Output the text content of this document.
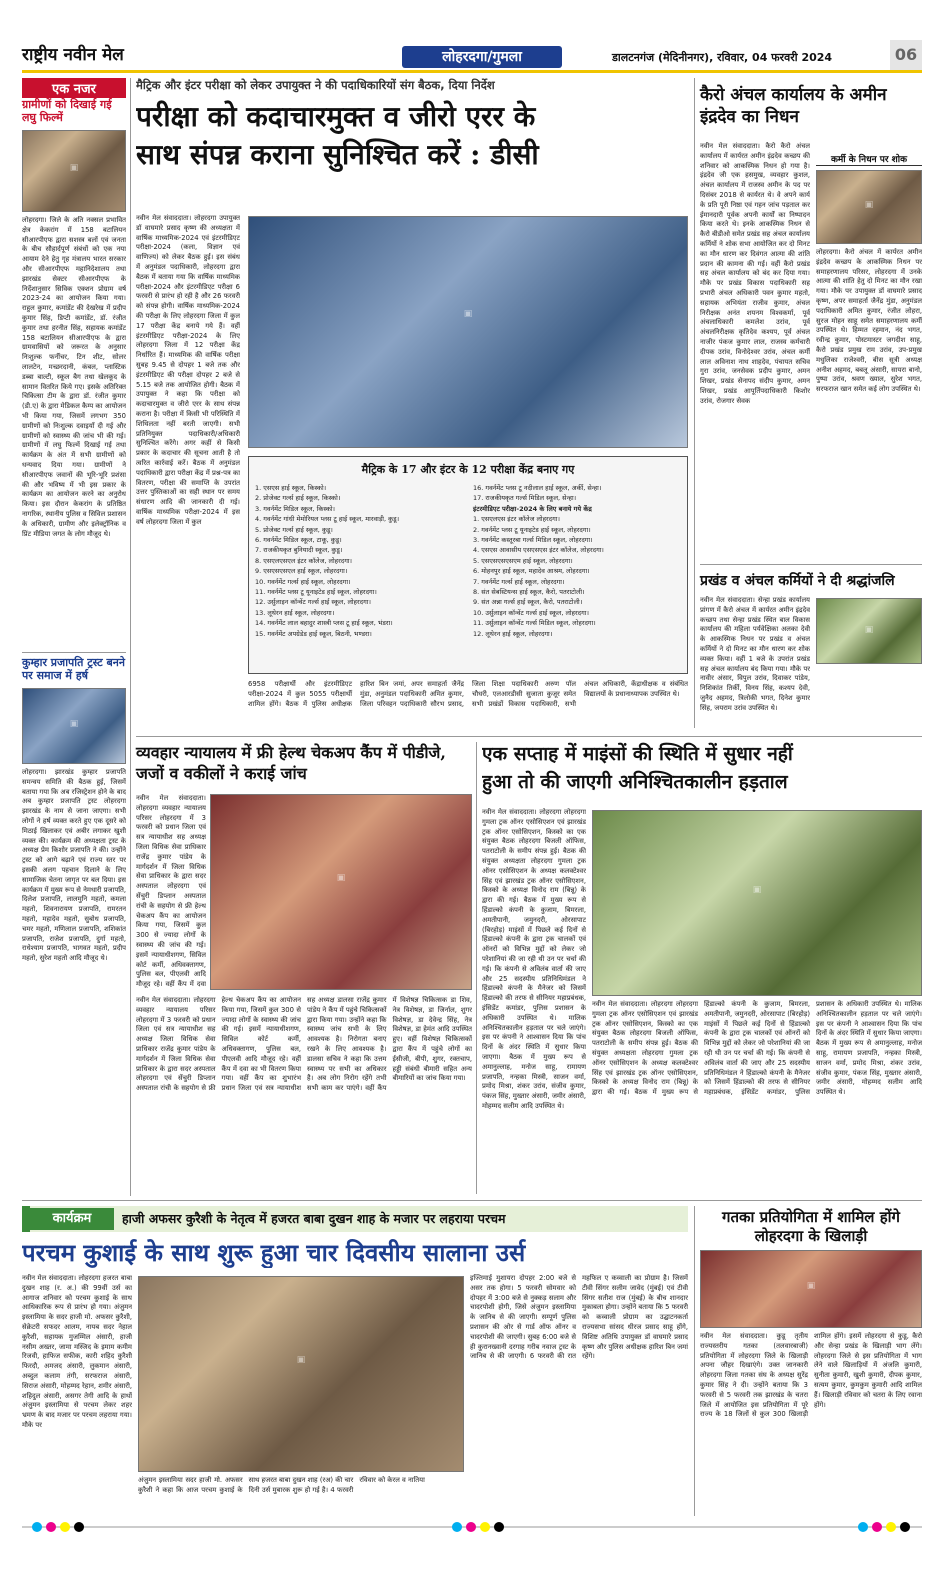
राष्ट्रीय नवीन मेल	लोहरदगा/गुमला	डालटनगंज (मेदिनीनगर), रविवार, 04 फरवरी 2024	06
एक नजर
ग्रामीणों को दिखाई गई लघु फिल्में
▣
लोहरदगा। जिले के अति नक्सल प्रभावित क्षेत्र केकरांग में 158 बटालियन सीआरपीएफ द्वारा सशस्त्र बलों एवं जनता के बीच सौहार्दपूर्ण संबंधों को एक नया आयाम देने हेतु गृह मंत्रालय भारत सरकार और सीआरपीएफ महानिदेशालय तथा झारखंड सेक्टर सीआरपीएफ के निर्देशानुसार सिविक एक्शन प्रोग्राम वर्ष 2023-24 का आयोजन किया गया। राहुल कुमार, कमांडेंट की देखरेख में प्रदीप कुमार सिंह, डिप्टी कमांडेंट, डॉ. रंजीत कुमार तथा हरनीत सिंह, सहायक कमांडेंट 158 बटालियन सीआरपीएफ के द्वारा ग्रामवासियों को जरूरत के अनुसार निःशुल्क फर्नीचर, टिन शीट, सोलर लालटेन, मच्छरदानी, कंबल, प्लास्टिक डब्बा बाल्टी, स्कूल बैग तथा खेलकूद के सामान वितरित किये गए। इसके अतिरिक्त चिकित्सा टीम के द्वारा डॉ. रंजीत कुमार (डी.ए) के द्वारा मेडिकल कैम्प का आयोजन भी किया गया, जिसमें लगभग 350 ग्रामीणों को निःशुल्क दवाइयाँ दी गई और ग्रामीणों को स्वास्थ्य की जांच भी की गई। ग्रामीणों में लघु फिल्में दिखाई गई तथा कार्यक्रम के अंत में सभी ग्रामीणों को धन्यवाद दिया गया। ग्रामीणों ने सीआरपीएफ जवानों की भूरि-भूरि प्रशंसा की और भविष्य में भी इस प्रकार के कार्यक्रम का आयोजन करने का अनुरोध किया। इस दौरान केकरांग के प्रतिष्ठित नागरिक, स्थानीय पुलिस व सिविल प्रशासन के अधिकारी, ग्रामीण और इलेक्ट्रॉनिक व प्रिंट मीडिया जगत के लोग मौजूद थे।
कुम्हार प्रजापति ट्रस्ट बनने पर समाज में हर्ष
▣
लोहरदगा। झारखंड कुम्हार प्रजापति समन्वय समिति की बैठक हुई, जिसमें बताया गया कि अब रजिस्ट्रेशन होने के बाद अब कुम्हार प्रजापति ट्रस्ट लोहरदगा झारखंड के नाम से जाना जाएगा। सभी लोगों ने हर्ष व्यक्त करते हुए एक दूसरे को मिठाई खिलाकर एवं अबीर लगाकर खुशी व्यक्त की। कार्यक्रम की अध्यक्षता ट्रस्ट के अध्यक्ष प्रेम किशोर प्रजापति ने की। उन्होंने ट्रस्ट को आगे बढ़ाने एवं राज्य स्तर पर इसकी अलग पहचान दिलाने के लिए सामाजिक चेतना जागृत पर बल दिया। इस कार्यक्रम में मुख्य रूप से नेमधारी प्रजापति, दिलेश प्रजापति, लालमुनि महतो, कमला महतो, शिवनारायण प्रजापति, रामरतन महतो, महादेव महतो, सुबोध प्रजापति, चमर महतो, मणिलाल प्रजापति, शशिकांत प्रजापति, राजेश प्रजापति, दुर्गा महतो, राधेश्याम प्रजापति, भागवत महतो, प्रदीप महतो, सुरेश महतो आदि मौजूद थे।
मैट्रिक और इंटर परीक्षा को लेकर उपायुक्त ने की पदाधिकारियों संग बैठक, दिया निर्देश
परीक्षा को कदाचारमुक्त व जीरो एरर के
साथ संपन्न कराना सुनिश्चित करें : डीसी
नवीन मेल संवाददाता। लोहरदगा उपायुक्त डॉ वाघमारे प्रसाद कृष्ण की अध्यक्षता में वार्षिक माध्यमिक-2024 एवं इंटरमीडिएट परीक्षा-2024 (कला, विज्ञान एवं वाणिज्य) को लेकर बैठक हुई। इस संबंध में अनुमंडल पदाधिकारी, लोहरदगा द्वारा बैठक में बताया गया कि वार्षिक माध्यमिक परीक्षा-2024 और इंटरमीडिएट परीक्षा 6 फरवरी से प्रारंभ हो रही है और 26 फरवरी को संपन्न होगी। वार्षिक माध्यमिक-2024 की परीक्षा के लिए लोहरदगा जिला में कुल 17 परीक्षा केंद्र बनाये गये हैं। वहीं इंटरमीडिएट परीक्षा-2024 के लिए लोहरदगा जिला में 12 परीक्षा केंद्र निर्धारित हैं। माध्यमिक की वार्षिक परीक्षा सुबह 9.45 से दोपहर 1 बजे तक और इंटरमीडिएट की परीक्षा दोपहर 2 बजे से 5.15 बजे तक आयोजित होगी। बैठक में उपायुक्त ने कहा कि परीक्षा को कदाचारमुक्त व जीरो एरर के साथ संपन्न कराना है। परीक्षा में किसी भी परिस्थिति में शिथिलता नहीं बरती जाएगी। सभी प्रतिनियुक्त पदाधिकारी/अधिकारी सुनिश्चित करेंगे। अगर कहीं से किसी प्रकार के कदाचार की सूचना आती है तो त्वरित कार्रवाई करें। बैठक में अनुमंडल पदाधिकारी द्वारा परीक्षा केंद्र में प्रश्न-पत्र का वितरण, परीक्षा की समाप्ति के उपरांत उत्तर पुस्तिकाओं का सही स्थान पर समय संधारण आदि की जानकारी दी गई। वार्षिक माध्यमिक परीक्षा-2024 में इस वर्ष लोहरदगा जिला में कुल
▣
मैट्रिक के 17 और इंटर के 12 परीक्षा केंद्र बनाए गए
1. एसएस हाई स्कूल, किस्को।
2. प्रोजेक्ट गर्ल्स हाई स्कूल, किस्को।
3. गवर्नमेंट मिडिल स्कूल, किस्को।
4. गवर्नमेंट गांधी मेमोरियल प्लस टू हाई स्कूल, मारवाड़ी, कुडू।
5. प्रोजेक्ट गर्ल्स हाई स्कूल, कुडू।
6. गवर्नमेंट मिडिल स्कूल, टाकू, कुडू।
7. राजकीयकृत बुनियादी स्कूल, कुडू।
8. एसएलएसएल इंटर कॉलेज, लोहरदगा।
9. एसएसएसएल हाई स्कूल, लोहरदगा।
10. गवर्नमेंट गर्ल्स हाई स्कूल, लोहरदगा।
11. गवर्नमेंट प्लस टू यूनाइटेड हाई स्कूल, लोहरदगा।
12. उर्सुलाइन कॉन्वेंट गर्ल्स हाई स्कूल, लोहरदगा।
13. लूथेरन हाई स्कूल, लोहरदगा।
14. गवर्नमेंट लाल बहादुर शास्त्री प्लस टू हाई स्कूल, भंडरा।
15. गवर्नमेंट अपग्रेडेड हाई स्कूल, बिठनी, भण्डरा।
16. गवर्नमेंट प्लस टू नदीलाल हाई स्कूल, अर्की, सेन्हा।
17. राजकीयकृत गर्ल्स मिडिल स्कूल, सेन्हा।
इंटरमीडिएट परीक्षा-2024 के लिए बनाये गये केंद्र
1. एसएलएस इंटर कॉलेज लोहरदगा।
2. गवर्नमेंट प्लस टू यूनाइटेड हाई स्कूल, लोहरदगा।
3. गवर्नमेंट कस्तूरबा गर्ल्स मिडिल स्कूल, लोहरदगा।
4. एसएस आवासीय एसएसएस इंटर कॉलेज, लोहरदगा।
5. एसएसएसएसएम हाई स्कूल, लोहरदगा।
6. मोहनपुर हाई स्कूल, महादेव आश्रम, लोहरदगा।
7. गवर्नमेंट गर्ल्स हाई स्कूल, लोहरदगा।
8. संत सेबस्टियन्स हाई स्कूल, कैरो, पतराटोली।
9. संत अन्ना गर्ल्स हाई स्कूल, कैरो, पतराटोली।
10. उर्सुलाइन कॉन्वेंट गर्ल्स हाई स्कूल, लोहरदगा।
11. उर्सुलाइन कॉन्वेंट गर्ल्स मिडिल स्कूल, लोहरदगा।
12. लूथेरन हाई स्कूल, लोहरदगा।
6958 परीक्षार्थी और इंटरमीडिएट परीक्षा-2024 में कुल 5055 परीक्षार्थी शामिल होंगे। बैठक में पुलिस अधीक्षक हारिश बिन जमां, अपर समाहर्ता जैनेंद्र मुंडा, अनुमंडल पदाधिकारी अमित कुमार, जिला परिवहन पदाधिकारी सौरभ प्रसाद, जिला शिक्षा पदाधिकारी अरुण पॉल चौधरी, एलआरडीसी सुजाता कुजूर समेत सभी प्रखंडों विकास पदाधिकारी, सभी अंचल अधिकारी, केंद्राधीक्षक व संबंधित विद्यालयों के प्रधानाध्यापक उपस्थित थे।
कैरो अंचल कार्यालय के अमीन इंद्रदेव का निधन
नवीन मेल संवाददाता। कैरो कैरो अंचल कार्यालय में कार्यरत अमीन इंद्रदेव कच्छप की शनिवार को आकस्मिक निधन हो गया है। इंद्रदेव जी एक हसमुख, व्यवहार कुशल, अंचल कार्यालय में राजस्व अमीन के पद पर दिसंबर 2018 से कार्यरत थे। वे अपने कार्य के प्रति पूरी निष्ठा एवं गहन जांच पड़ताल कर ईमानदारी पूर्वक अपनी कार्यों का निष्पादन किया करते थे। इनके आकस्मिक निधन से कैरो बीडीओ समेत प्रखंड सह अंचल कार्यालय कर्मियों ने शोक सभा आयोजित कर दो मिनट का मौन धारण कर दिवंगत आत्मा की शांति प्रदान की कामना की गई। वहीं कैरो प्रखंड सह अंचल कार्यालय को बंद कर दिया गया। मौके पर प्रखंड विकास पदाधिकारी सह प्रभारी अंचल अधिकारी पवन कुमार महतो, सहायक अभियंता राजीव कुमार, अंचल निरीक्षक अनंत शयनम विश्वकर्मा, पूर्व अंचलाधिकारी कमलेश उरांव, पूर्व अंचलनिरीक्षक कृतिदेव कश्यप, पूर्व अंचल नाजीर पंकज कुमार लाल, राजस्व कर्मचारी दीपक उरांव, विनोदेश्वर उरांव, अंचल कर्मी लाल अविनाश नाथ शाहदेव, पंचायत सचिव गुरा उरांव, जनसेवक प्रदीप कुमार, अमन शिखर, प्रखंड सेनापद संदीप कुमार, अमन शिखर, प्रखंड आपूर्तिपदाधिकारी किशोर उरांव, रोजगार सेवक
कर्मी के निधन पर शोक
▣
लोहरदगा। कैरो अंचल में कार्यरत अमीन इंद्रदेव कच्छप के आकस्मिक निधन पर समाहरणालय परिसर, लोहरदगा में उनके आत्मा की शांति हेतु दो मिनट का मौन रखा गया। मौके पर उपायुक्त डॉ वाघमारे प्रसाद कृष्ण, अपर समाहर्ता जैनेंद्र मुंडा, अनुमंडल पदाधिकारी अमित कुमार, रंजीत लोहरा, सुरज मोहन साहू समेत समाहरणालय कर्मी उपस्थित थे। हिम्मत रहमान, नंद भगत, रवीन्द्र कुमार, पोस्टमास्टर जगदीश साहू, कैरो प्रखंड प्रमुख राम उरांव, उप-प्रमुख मधुलिका राजेश्वरी, बीस सूत्री अध्यक्ष अनीश अहमद, बबलू अंसारी, सायरा बानो, पुष्पा उरांव, श्रवण ख्याल, सुरेश भगत, सरफराज खान समेत कई लोग उपस्थित थे।
प्रखंड व अंचल कर्मियों ने दी श्रद्धांजलि
नवीन मेल संवाददाता। सेन्हा प्रखंड कार्यालय प्रांगण में कैरो अंचल में कार्यरत अमीन इंद्रदेव कच्छप तथा सेन्हा प्रखंड स्थित बाल विकास कार्यालय की महिला पर्यवेक्षिका अलका देवी के आकस्मिक निधन पर प्रखंड व अंचल कर्मियों ने दो मिनट का मौन धारण कर शोक व्यक्त किया। वहीं 1 बजे के उपरांत प्रखंड सह अंचल कार्यालय बंद किया गया। मौके पर नावीर अंसार, विपुल उरांव, दिवाकर पांडेय, निशिकांत तिर्की, विनय सिंह, कश्यप देवी, जुनैद अहमद, त्रिलोकी भगत, दिनेश कुमार सिंह, जयराम उरांव उपस्थित थे।
▣
व्यवहार न्यायालय में फ्री हेल्थ चेकअप कैंप में पीडीजे, जजों व वकीलों ने कराई जांच
नवीन मेल संवाददाता। लोहरदगा व्यवहार न्यायालय परिसर लोहरदगा में 3 फरवरी को प्रधान जिला एवं सत्र न्यायाधीश सह अध्यक्ष जिला विधिक सेवा प्राधिकार राजेंद्र कुमार पांडेय के मार्गदर्शन में जिला विधिक सेवा प्राधिकार के द्वारा सदर अस्पताल लोहरदगा एवं सेंचुरी डिप्लान अस्पताल रांची के सहयोग से फ्री हेल्थ चेकअप कैंप का आयोजन किया गया, जिसमें कुल 300 से ज्यादा लोगों के स्वास्थ्य की जांच की गई। इसमें न्यायाधीशगण, सिविल कोर्ट कर्मी, अधिवक्तागण, पुलिस बल, पीएलवी आदि मौजूद रहे। वहीं कैंप में दवा
▣
नवीन मेल संवाददाता। लोहरदगा व्यवहार न्यायालय परिसर लोहरदगा में 3 फरवरी को प्रधान जिला एवं सत्र न्यायाधीश सह अध्यक्ष जिला विधिक सेवा प्राधिकार राजेंद्र कुमार पांडेय के मार्गदर्शन में जिला विधिक सेवा प्राधिकार के द्वारा सदर अस्पताल लोहरदगा एवं सेंचुरी डिप्लान अस्पताल रांची के सहयोग से फ्री हेल्थ चेकअप कैंप का आयोजन किया गया, जिसमें कुल 300 से ज्यादा लोगों के स्वास्थ्य की जांच की गई। इसमें न्यायाधीशगण, सिविल कोर्ट कर्मी, अधिवक्तागण, पुलिस बल, पीएलवी आदि मौजूद रहे। वहीं कैंप में दवा का भी वितरण किया गया। वहीं कैंप का शुभारंभ प्रधान जिला एवं सत्र न्यायाधीश सह अध्यक्ष डालसा राजेंद्र कुमार पांडेय ने कैंप में पहुंचे चिकित्सकों द्वारा किया गया। उन्होंने कहा कि स्वास्थ्य जांच सभी के लिए आवश्यक है। निरोगता बनाए रखने के लिए आवश्यक है। डालसा सचिव ने कहा कि उत्तम स्वास्थ्य पर सभी का अधिकार है। अब लोग निरोग रहेंगे तभी सभी काम कर पाएंगे। वहीं कैंप में विशेषज्ञ चिकित्सक डा शिव, नेत्र विशेषज्ञ, डा जिर्नाल, शुगर विशेषज्ञ, डा देवेन्द्र सिंह, नेत्र विशेषज्ञ, डा हेमंत आदि उपस्थित हुए। वहीं विशेषज्ञ चिकित्सकों द्वारा कैंप में पहुंचे लोगों का ईसीजी, बीपी, शुगर, रक्तचाप, हड्डी संबंधी बीमारी सहित अन्य बीमारियों का जांच किया गया।
एक सप्ताह में माइंसों की स्थिति में सुधार नहीं
हुआ तो की जाएगी अनिश्चितकालीन हड़ताल
नवीन मेल संवाददाता। लोहरदगा लोहरदगा गुमला ट्रक ऑनर एसोसिएशन एवं झारखंड ट्रक ऑनर एसोसिएशन, किस्को का एक संयुक्त बैठक लोहरदगा बिजली ऑफिस, पतराटोली के समीप संपन्न हुई। बैठक की संयुक्त अध्यक्षता लोहरदगा गुमला ट्रक ऑनर एसोसिएशन के अध्यक्ष कलक्टेश्वर सिंह एवं झारखंड ट्रक ऑनर एसोसिएशन, किस्को के अध्यक्ष विनोद राम (बिन्नू) के द्वारा की गई। बैठक में मुख्य रूप से हिंडाल्को कंपनी के कुजाम, बिमरला, अमतीपानी, जमुनदरी, ओरसापाट (बिरहोड़) माइंसों में पिछले कई दिनों से हिंडाल्को कंपनी के द्वारा ट्रक चालकों एवं ऑनरों को विभिन्न मुद्दों को लेकर जो परेशानियां की जा रही थी उन पर चर्चा की गई। कि कंपनी से अविलंब वार्ता की जाए और 25 सदस्यीय प्रतिनिधिमंडल ने हिंडाल्को कंपनी के मैनेजर को जिसमें हिंडाल्को की तरफ से सीनियर महाप्रबंधक, इंसिडेंट कमांडर, पुलिस प्रशासन के अधिकारी उपस्थित थे। मालिक अनिश्चितकालीन हड़ताल पर चले जाएंगे। इस पर कंपनी ने आश्वासन दिया कि पांच दिनों के अंदर स्थिति में सुधार किया जाएगा। बैठक में मुख्य रूप से अमानुल्लाह, मनोज साहू, रामायण प्रजापति, नन्हका मिस्त्री, साजन वर्मा, प्रमोद मिश्रा, शंकर उरांव, संजीव कुमार, पंकज सिंह, मुख्तार अंसारी, जमीर अंसारी, मोहम्मद सलीम आदि उपस्थित थे।
▣
नवीन मेल संवाददाता। लोहरदगा लोहरदगा गुमला ट्रक ऑनर एसोसिएशन एवं झारखंड ट्रक ऑनर एसोसिएशन, किस्को का एक संयुक्त बैठक लोहरदगा बिजली ऑफिस, पतराटोली के समीप संपन्न हुई। बैठक की संयुक्त अध्यक्षता लोहरदगा गुमला ट्रक ऑनर एसोसिएशन के अध्यक्ष कलक्टेश्वर सिंह एवं झारखंड ट्रक ऑनर एसोसिएशन, किस्को के अध्यक्ष विनोद राम (बिन्नू) के द्वारा की गई। बैठक में मुख्य रूप से हिंडाल्को कंपनी के कुजाम, बिमरला, अमतीपानी, जमुनदरी, ओरसापाट (बिरहोड़) माइंसों में पिछले कई दिनों से हिंडाल्को कंपनी के द्वारा ट्रक चालकों एवं ऑनरों को विभिन्न मुद्दों को लेकर जो परेशानियां की जा रही थी उन पर चर्चा की गई। कि कंपनी से अविलंब वार्ता की जाए और 25 सदस्यीय प्रतिनिधिमंडल ने हिंडाल्को कंपनी के मैनेजर को जिसमें हिंडाल्को की तरफ से सीनियर महाप्रबंधक, इंसिडेंट कमांडर, पुलिस प्रशासन के अधिकारी उपस्थित थे। मालिक अनिश्चितकालीन हड़ताल पर चले जाएंगे। इस पर कंपनी ने आश्वासन दिया कि पांच दिनों के अंदर स्थिति में सुधार किया जाएगा। बैठक में मुख्य रूप से अमानुल्लाह, मनोज साहू, रामायण प्रजापति, नन्हका मिस्त्री, साजन वर्मा, प्रमोद मिश्रा, शंकर उरांव, संजीव कुमार, पंकज सिंह, मुख्तार अंसारी, जमीर अंसारी, मोहम्मद सलीम आदि उपस्थित थे।
कार्यक्रम	हाजी अफसर कुरैशी के नेतृत्व में हजरत बाबा दुखन शाह के मजार पर लहराया परचम
परचम कुशाई के साथ शुरू हुआ चार दिवसीय सालाना उर्स
नवीन मेल संवाददाता। लोहरदगा हजरत बाबा दुखन शाह (र. अ.) की 99वीं उर्स का आगाज शनिवार को परचम कुशाई के साथ आधिकारिक रूप से प्रारंभ हो गया। अंजुमन इस्लामिया के सदर हाजी मो. अफसर कुरैशी, सेक्रेटरी सफदर आलम, नायब सदर नेहाल कुरैशी, सहायक मुजम्मिल अंसारी, हाजी नसीम अख्तर, जामा मस्जिद के इमाम कमीम रिजवी, हाफिज सफीक, कारी शहिद कुरैशी फिरदौ, अमजद अंसारी, लुकमान अंसारी, अब्दुल कलाम तंगी, सरफराज अंसारी, सिराज अंसारी, मोहम्मद रेहान, शमीर अंसारी, शहिदुल अंसारी, असगर तेगी आदि के हाथों अंजुमन इस्लामिया से परचम लेकर शहर भ्रमण के बाद मजार पर परचम लहराया गया। मौके पर
▣
अंजुमन इस्लामिया सदर हाजी मो. अफसर कुरैशी ने कहा कि आज परचम कुशाई के साथ हजरत बाबा दुखन शाह (रअ) की चार दिनी उर्स मुबारक शुरू हो गई है। 4 फरवरी रविवार को केरल व नातिया
इज्तिमाई मुशायरा दोपहर 2:00 बजे से असर तक होगा। 5 फरवरी सोमवार को दोपहर में 3:00 बजे से नुक्कड़ सलाम और चादरपोशी होगी, जिसे अंजुमन इस्लामिया के जानिब से की जाएगी। सम्पूर्ण पुलिस प्रशासन की ओर से गार्ड ऑफ ऑनर व चादरपोशी की जाएगी। सुबह 6:00 बजे से ही कुरानख्वानी दरगाह गरीब नवाज ट्रस्ट के जानिब से की जाएगी। 6 फरवरी की रात महफिल ए कव्वाली का प्रोग्राम है। जिसमें टीवी सिंगर सलीम जावेद (मुंबई) एवं टीवी सिंगर सतीश राज (मुंबई) के बीच शानदार मुकाबला होगा। उन्होंने बताया कि 5 फरवरी को कव्वाली प्रोग्राम का उद्घाटनकर्ता राज्यसभा सांसद धीरज प्रसाद साहू होंगे, विशिष्ट अतिथि उपायुक्त डॉ वाघमारे प्रसाद कृष्ण और पुलिस अधीक्षक हारिश बिन जमां रहेंगे।
गतका प्रतियोगिता में शामिल होंगे लोहरदगा के खिलाड़ी
▣
नवीन मेल संवाददाता। कुडू तृतीय राज्यस्तरीय गतका (तलवारबाजी) प्रतियोगिता में लोहरदगा जिले के खिलाड़ी अपना जौहर दिखाएंगे। उक्त जानकारी लोहरदगा जिला गतका संघ के अध्यक्ष सुरेंद्र कुमार सिंह ने दी। उन्होंने बताया कि 3 फरवरी से 5 फरवरी तक झारखंड के चतरा जिले में आयोजित इस प्रतियोगिता में पूरे राज्य के 18 जिलों से कुल 300 खिलाड़ी शामिल होंगे। इसमें लोहरदगा से कुडू, कैरो और सेन्हा प्रखंड के खिलाड़ी भाग लेंगे। लोहरदगा जिले से इस प्रतियोगिता में भाग लेने वाले खिलाड़ियों में अंजलि कुमारी, सुनीता कुमारी, खुशी कुमारी, दीपक कुमार, सत्यम कुमार, कुमकुम कुमारी आदि शामिल हैं। खिलाड़ी रविवार को चतरा के लिए रवाना होंगे।
